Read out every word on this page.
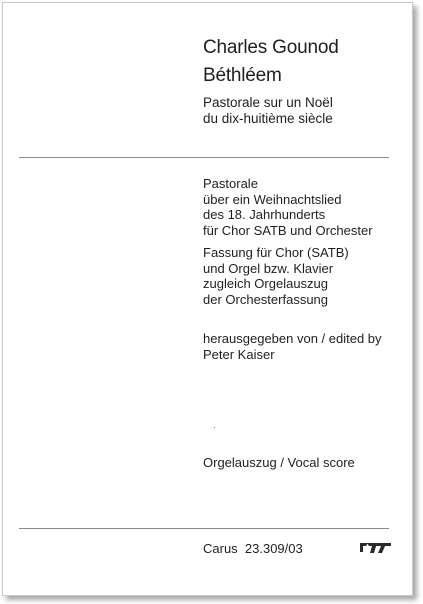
Charles Gounod
Béthléem
Pastorale sur un Noël
du dix-huitième siècle
Pastorale
über ein Weihnachtslied
des 18. Jahrhunderts
für Chor SATB und Orchester
Fassung für Chor (SATB)
und Orgel bzw. Klavier
zugleich Orgelauszug
der Orchesterfassung
herausgegeben von / edited by
Peter Kaiser
Orgelauszug / Vocal score
Carus  23.309/03
